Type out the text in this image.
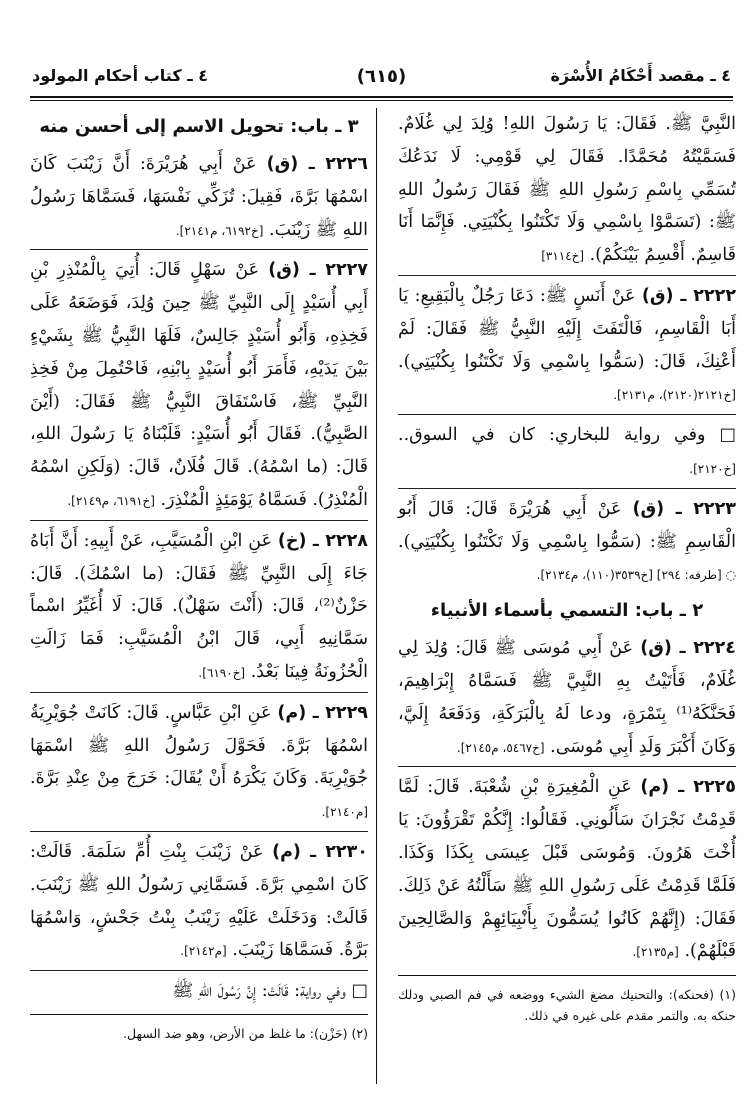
٤ ـ مقصد أَحْكَامُ الأُسْرَة
(٦١٥)
٤ ـ كتاب أحكام المولود
النَّبِيَّ ﷺ. فَقَالَ: يَا رَسُولَ اللهِ! وُلِدَ لِي غُلَامٌ. فَسَمَّيْتُهُ مُحَمَّدًا. فَقَالَ لِي قَوْمِي: لَا نَدَعُكَ تُسَمِّي بِاسْمِ رَسُولِ اللهِ ﷺ فَقَالَ رَسُولُ اللهِ ﷺ: (تَسَمَّوْا بِاسْمِي وَلَا تَكْتَنُوا بِكُنْيَتِي. فَإِنَّمَا أَنَا قَاسِمٌ. أَقْسِمُ بَيْنَكُمْ). [خ٣١١٤]
٢٢٢٢ ـ (ق) عَنْ أَنَسٍ ﷺ: دَعَا رَجُلٌ بِالْبَقِيعِ: يَا أَبَا الْقَاسِمِ، فَالْتَفَتَ إِلَيْهِ النَّبِيُّ ﷺ فَقَالَ: لَمْ أَعْنِكَ، قَالَ: (سَمُّوا بِاسْمِي وَلَا تَكْتَنُوا بِكُنْيَتِي). [خ٢١٢١(٢١٢٠)، م٢١٣١].
□ وفي رواية للبخاري: كان في السوق.. [خ٢١٢٠].
٢٢٢٣ ـ (ق) عَنْ أَبِي هُرَيْرَةَ قَالَ: قَالَ أَبُو الْقَاسِمِ ﷺ: (سَمُّوا بِاسْمِي وَلَا تَكْتَنُوا بِكُنْيَتِي). ◌ [طرفه: ٢٩٤] [خ٣٥٣٩(١١٠)، م٢١٣٤].
٢ ـ باب: التسمي بأسماء الأنبياء
٢٢٢٤ ـ (ق) عَنْ أَبِي مُوسَى ﷺ قَالَ: وُلِدَ لِي غُلَامٌ، فَأَتَيْتُ بِهِ النَّبِيَّ ﷺ فَسَمَّاهُ إِبْرَاهِيمَ، فَحَنَّكَهُ⁽¹⁾ بِتَمْرَةٍ، ودعا لَهُ بِالْبَرَكَةِ، وَدَفَعَهُ إِلَيَّ، وَكَانَ أَكْبَرَ وَلَدِ أَبِي مُوسَى. [خ٥٤٦٧، م٢١٤٥].
٢٢٢٥ ـ (م) عَنِ الْمُغِيرَةِ بْنِ شُعْبَةَ. قَالَ: لَمَّا قَدِمْتُ نَجْرَانَ سَأَلُونِي. فَقَالُوا: إِنَّكُمْ تَقْرَؤُونَ: يَا أُخْتَ هَرُونَ. وَمُوسَى قَبْلَ عِيسَى بِكَذَا وَكَذَا. فَلَمَّا قَدِمْتُ عَلَى رَسُولِ اللهِ ﷺ سَأَلْتُهُ عَنْ ذَلِكَ. فَقَالَ: (إِنَّهُمْ كَانُوا يُسَمُّونَ بِأَنْبِيَائِهِمْ وَالصَّالِحِينَ قَبْلَهُمْ). [م٢١٣٥].
(١) (فحنكه): والتحنيك مضغ الشيء ووضعه في فم الصبي ودلك حنكه به. والتمر مقدم على غيره في ذلك.
٣ ـ باب: تحويل الاسم إلى أحسن منه
٢٢٢٦ ـ (ق) عَنْ أَبِي هُرَيْرَةَ: أَنَّ زَيْنَبَ كَانَ اسْمُهَا بَرَّةَ، فَقِيلَ: تُزَكِّي نَفْسَهَا، فَسَمَّاهَا رَسُولُ اللهِ ﷺ زَيْنَبَ. [خ٦١٩٢، م٢١٤١].
٢٢٢٧ ـ (ق) عَنْ سَهْلٍ قَالَ: أُتِيَ بِالْمُنْذِرِ بْنِ أَبِي أُسَيْدٍ إِلَى النَّبِيِّ ﷺ حِينَ وُلِدَ، فَوَضَعَهُ عَلَى فَخِذِهِ، وَأَبُو أُسَيْدٍ جَالِسٌ، فَلَهَا النَّبِيُّ ﷺ بِشَيْءٍ بَيْنَ يَدَيْهِ، فَأَمَرَ أَبُو أُسَيْدٍ بِابْنِهِ، فَاحْتُمِلَ مِنْ فَخِذِ النَّبِيِّ ﷺ، فَاسْتَفَاقَ النَّبِيُّ ﷺ فَقَالَ: (أَيْنَ الصَّبِيُّ). فَقَالَ أَبُو أُسَيْدٍ: قَلَبْنَاهُ يَا رَسُولَ اللهِ، قَالَ: (ما اسْمُهُ). قَالَ فُلَانٌ، قَالَ: (وَلَكِنِ اسْمُهُ الْمُنْذِرُ). فَسَمَّاهُ يَوْمَئِذٍ الْمُنْذِرَ. [خ٦١٩١، م٢١٤٩].
٢٢٢٨ ـ (خ) عَنِ ابْنِ الْمُسَيَّبِ، عَنْ أَبِيهِ: أَنَّ أَبَاهُ جَاءَ إِلَى النَّبِيِّ ﷺ فَقَالَ: (ما اسْمُكَ). قَالَ: حَزْنٌ⁽²⁾، قَالَ: (أَنْتَ سَهْلٌ). قَالَ: لَا أُغَيِّرُ اسْماً سَمَّانِيهِ أَبِي، قَالَ ابْنُ الْمُسَيَّبِ: فَمَا زَالَتِ الْحُزُونَةُ فِينَا بَعْدُ. [خ٦١٩٠].
٢٢٢٩ ـ (م) عَنِ ابْنِ عَبَّاسٍ. قَالَ: كَانَتْ جُوَيْرِيَةُ اسْمُهَا بَرَّةَ. فَحَوَّلَ رَسُولُ اللهِ ﷺ اسْمَهَا جُوَيْرِيَةَ. وَكَانَ يَكْرَهُ أَنْ يُقَالَ: خَرَجَ مِنْ عِنْدِ بَرَّةَ. [م٢١٤٠].
٢٢٣٠ ـ (م) عَنْ زَيْنَبَ بِنْتِ أُمِّ سَلَمَةَ. قَالَتْ: كَانَ اسْمِي بَرَّةَ. فَسَمَّانِي رَسُولُ اللهِ ﷺ زَيْنَبَ. قَالَتْ: وَدَخَلَتْ عَلَيْهِ زَيْنَبُ بِنْتُ جَحْشٍ، وَاسْمُهَا بَرَّةُ. فَسَمَّاهَا زَيْنَبَ. [م٢١٤٢].
□ وفي رواية: قَالَتْ: إِنَّ رَسُولَ اللهِ ﷺ
(٢) (حَزْن): ما غلظ من الأرض، وهو ضد السهل.
